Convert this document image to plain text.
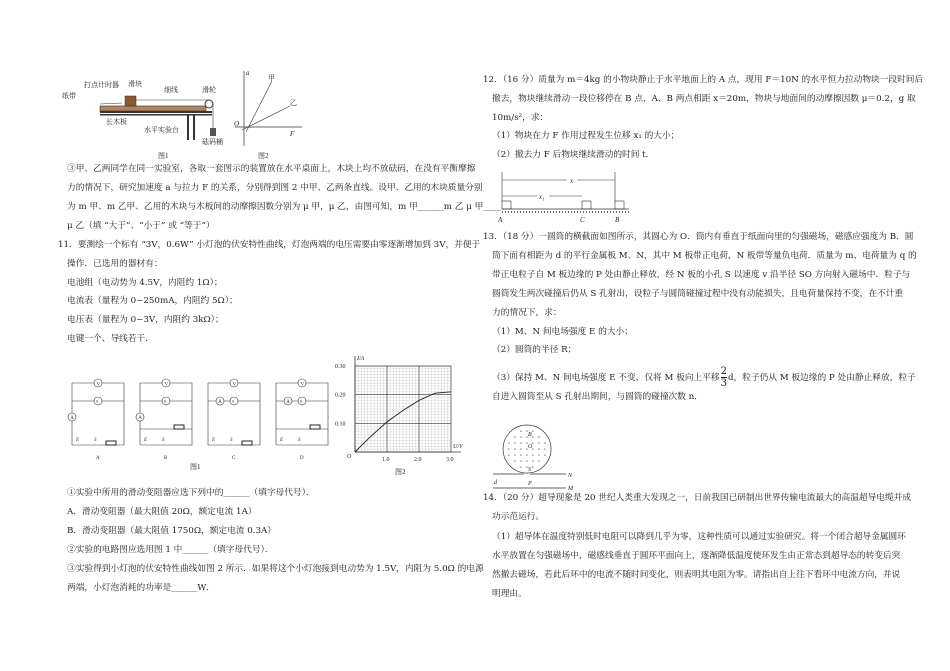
纸带
打点计时器 滑块
细线	滑轮
长木板
水平实验台
砝码桶
图1
a
F
O
甲
乙
图2
③甲、乙两同学在同一实验室，各取一套图示的装置放在水平桌面上，木块上均不放砝码，在没有平衡摩擦
力的情况下，研究加速度 a 与拉力 F 的关系，分别得到图 2 中甲、乙两条直线。设甲、乙用的木块质量分别
为 m 甲、m 乙甲、乙用的木块与木板间的动摩擦因数分别为 μ 甲，μ 乙，由图可知，m 甲______m 乙 μ 甲____
μ 乙（填 “大于”、“小于” 或 “等于”）
11．要测绘一个标有 “3V，0.6W” 小灯泡的伏安特性曲线，灯泡两端的电压需要由零逐渐增加到 3V，并便于
操作．已选用的器材有：
电池组（电动势为 4.5V，内阻约 1Ω）；
电流表（量程为 0~250mA，内阻约 5Ω）；
电压表（量程为 0~3V，内阻约 3kΩ）；
电键一个、导线若干．
V
×
A
E	S
A
V
×
A
E	S
B
V
×
A
E	S
C
V
×
A
E	S
D
图1
1.0	2.0	3.0
0.10
0.20
0.30
I/A
U/V
O
图2
①实验中所用的滑动变阻器应选下列中的______（填字母代号）．
A．滑动变阻器（最大阻值 20Ω，额定电流 1A）
B．滑动变阻器（最大阻值 1750Ω，额定电流 0.3A）
②实验的电路图应选用图 1 中______（填字母代号）．
③实验得到小灯泡的伏安特性曲线如图 2 所示．如果将这个小灯泡接到电动势为 1.5V，内阻为 5.0Ω 的电源
两端，小灯泡消耗的功率是______W．
12．（16 分）质量为 m＝4kg 的小物块静止于水平地面上的 A 点，现用 F＝10N 的水平恒力拉动物块一段时间后
撤去，物块继续滑动一段位移停在 B 点，A、B 两点相距 x＝20m，物块与地面间的动摩擦因数 μ＝0.2，g 取
10m/s²，求：
（1）物块在力 F 作用过程发生位移 x₁ 的大小；
（2）撤去力 F 后物块继续滑动的时间 t．
x
x₁
A	C	B
13．（18 分）一圆筒的横截面如图所示，其圆心为 O．筒内有垂直于纸面向里的匀强磁场，磁感应强度为 B．圆
筒下面有相距为 d 的平行金属板 M、N，其中 M 板带正电荷，N 板带等量负电荷．质量为 m、电荷量为 q 的
带正电粒子自 M 板边缘的 P 处由静止释放，经 N 板的小孔 S 以速度 v 沿半径 SO 方向射入磁场中．粒子与
圆筒发生两次碰撞后仍从 S 孔射出，设粒子与圆筒碰撞过程中没有动能损失，且电荷量保持不变，在不计重
力的情况下，求：
（1）M、N 间电场强度 E 的大小；
（2）圆筒的半径 R；
（3）保持 M、N 间电场强度 E 不变，仅将 M 板向上平移 $\frac{2}{3}$ d，粒子仍从 M 板边缘的 P 处由静止释放，粒子
自进入圆筒至从 S 孔射出期间，与圆筒的碰撞次数 n．
B
O
S
N
M
P
d
× × ×
× × × × ×
× × × × × × ×
× × × × × × ×
× × × × × × ×
× × × × ×
× × ×
14．（20 分）超导现象是 20 世纪人类重大发现之一，日前我国已研制出世界传输电流最大的高温超导电缆并成
功示范运行。
（1）超导体在温度特别低时电阻可以降到几乎为零，这种性质可以通过实验研究。将一个闭合超导金属圆环
水平放置在匀强磁场中，磁感线垂直于圆环平面向上，逐渐降低温度使环发生由正常态到超导态的转变后突
然撤去磁场，若此后环中的电流不随时间变化，则表明其电阻为零。请指出自上往下看环中电流方向，并说
明理由。
